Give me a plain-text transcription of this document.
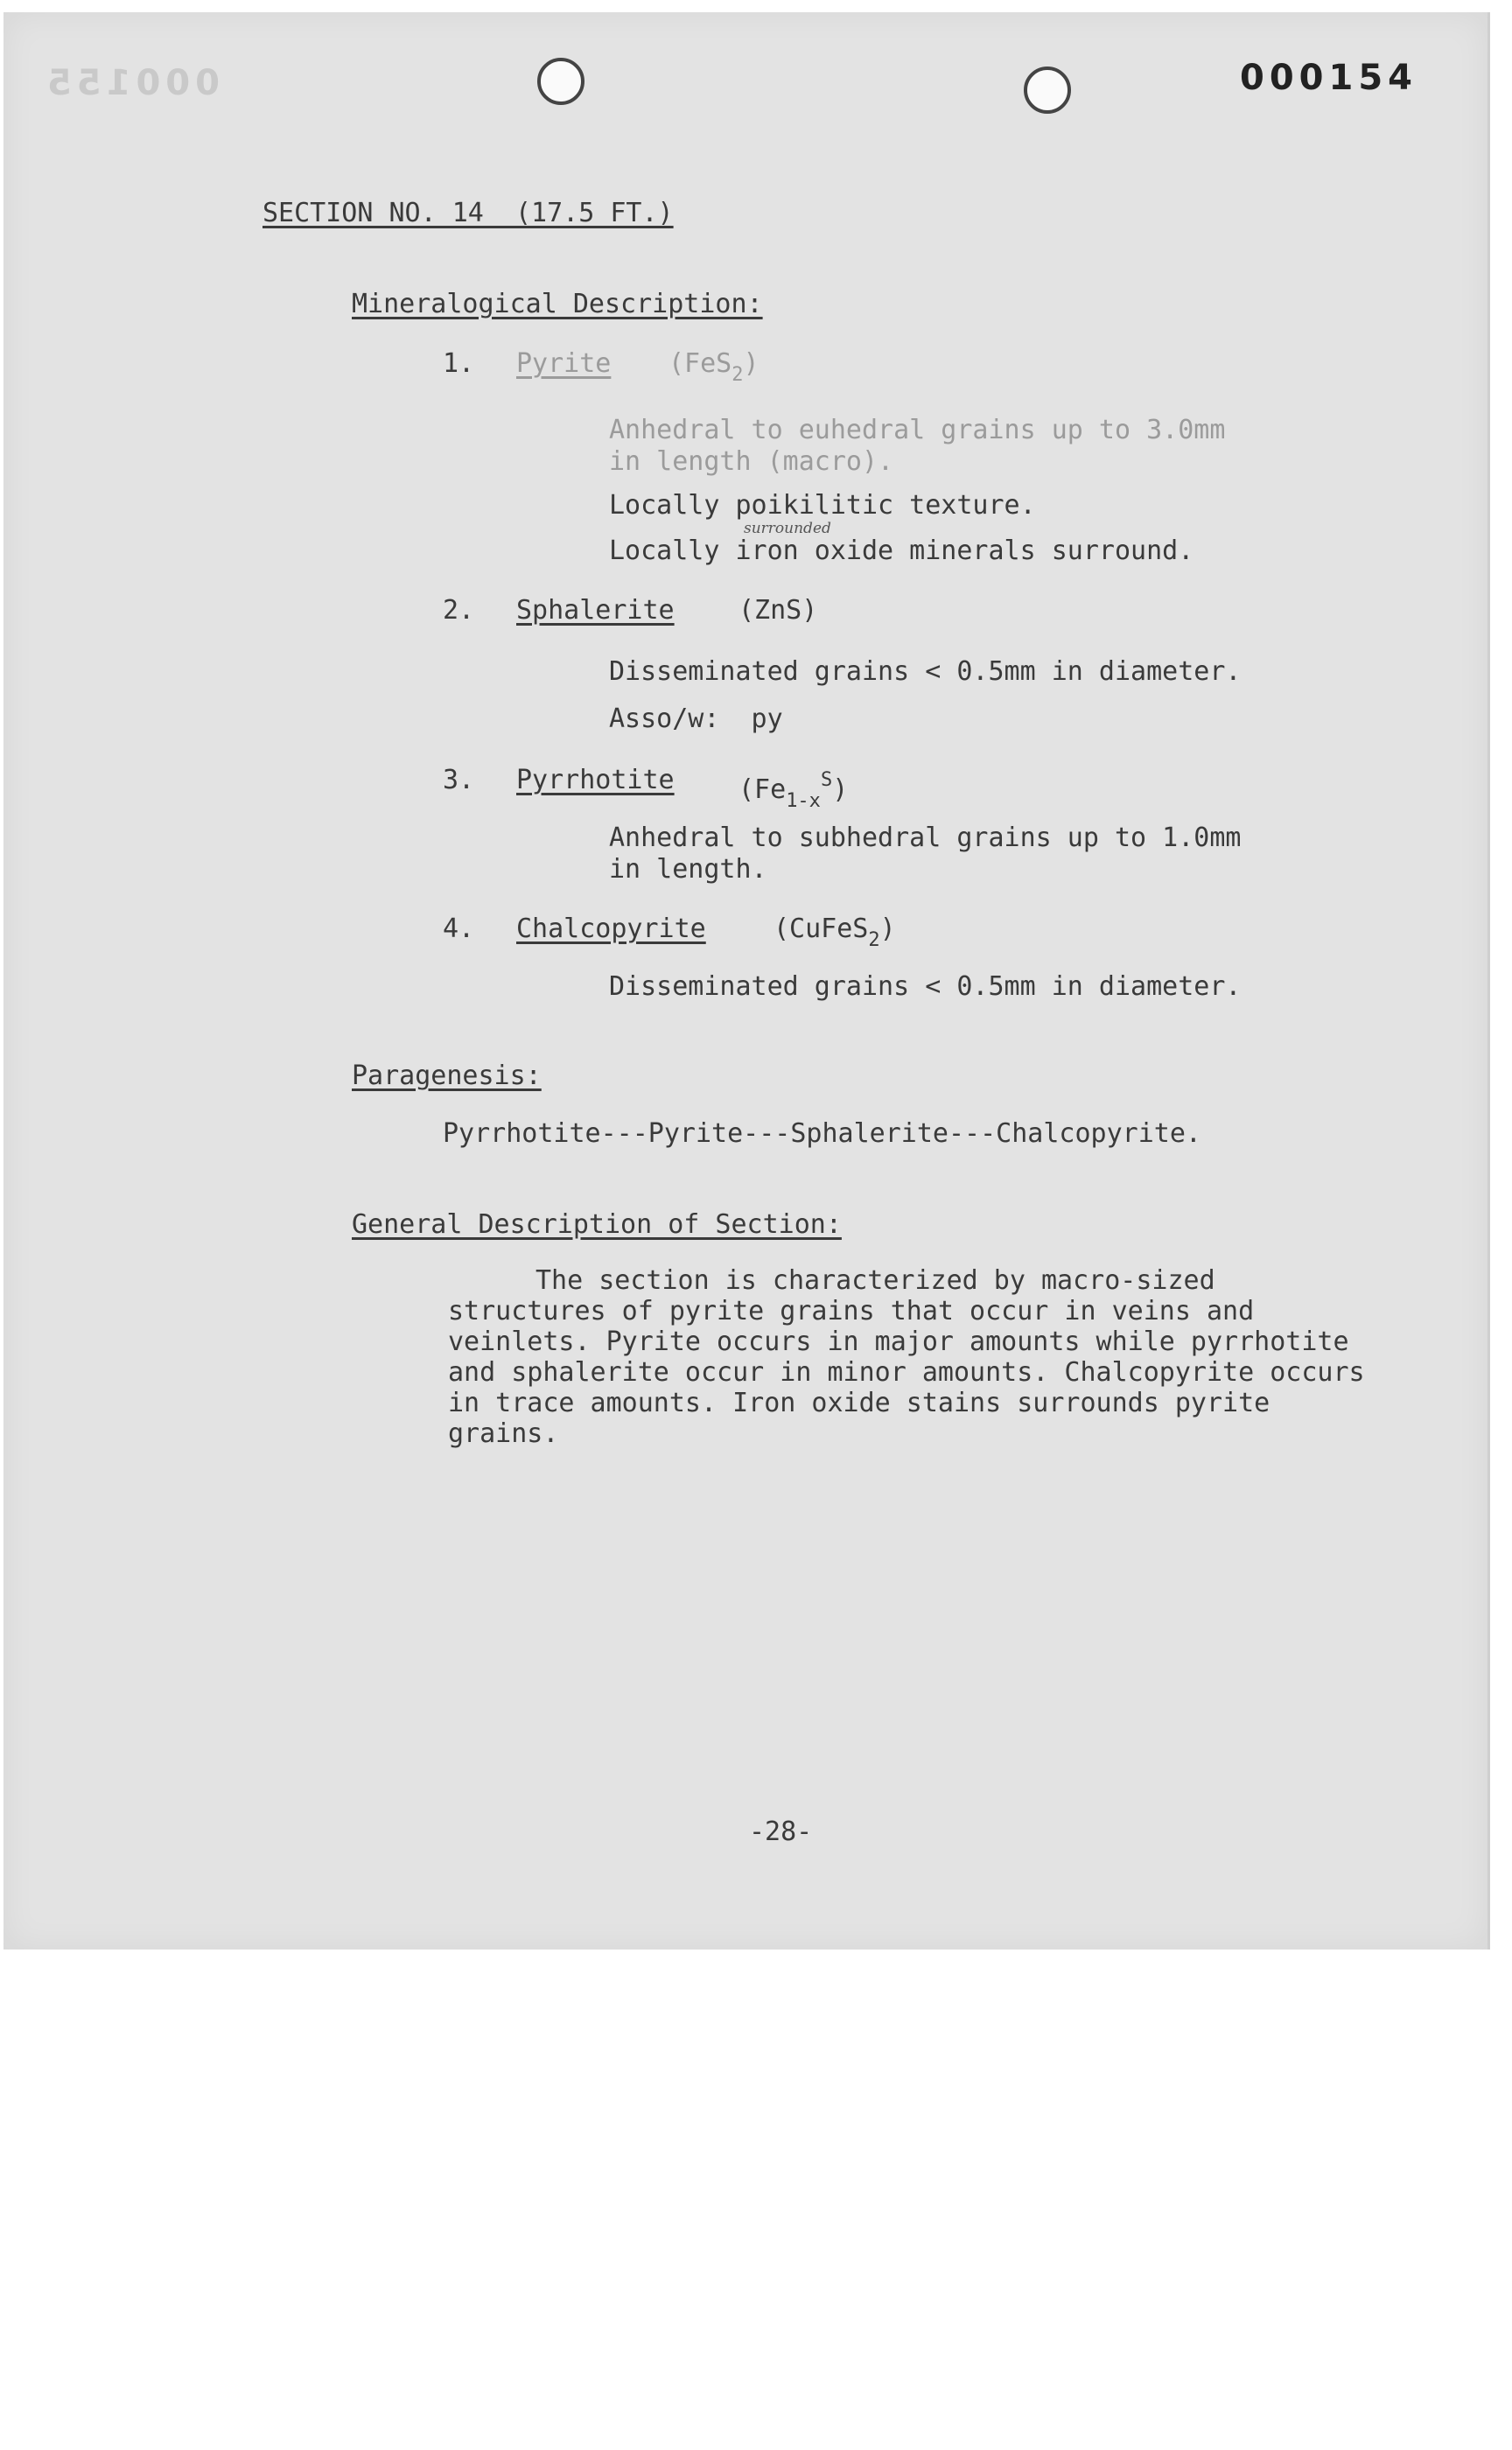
000155	000154
SECTION NO. 14  (17.5 FT.)
Mineralogical Description:
1. Pyrite (FeS$_2$)
Anhedral to euhedral grains up to 3.0mm
in length (macro).
Locally poikilitic texture.
surrounded
Locally iron oxide minerals surround.
2. Sphalerite (ZnS)
Disseminated grains < 0.5mm in diameter.
Asso/w:  py
3. Pyrrhotite $(Fe_{1-x}^S)$
Anhedral to subhedral grains up to 1.0mm
in length.
4. Chalcopyrite	(CuFeS$_2$)
Disseminated grains < 0.5mm in diameter.
Paragenesis:
Pyrrhotite---Pyrite---Sphalerite---Chalcopyrite.
General Description of Section:

The section is characterized by macro-sized structures of pyrite grains that occur in veins and veinlets. Pyrite occurs in major amounts while pyrrhotite and sphalerite occur in minor amounts. Chalcopyrite occurs in trace amounts. Iron oxide stains surrounds pyrite grains.

-28-
